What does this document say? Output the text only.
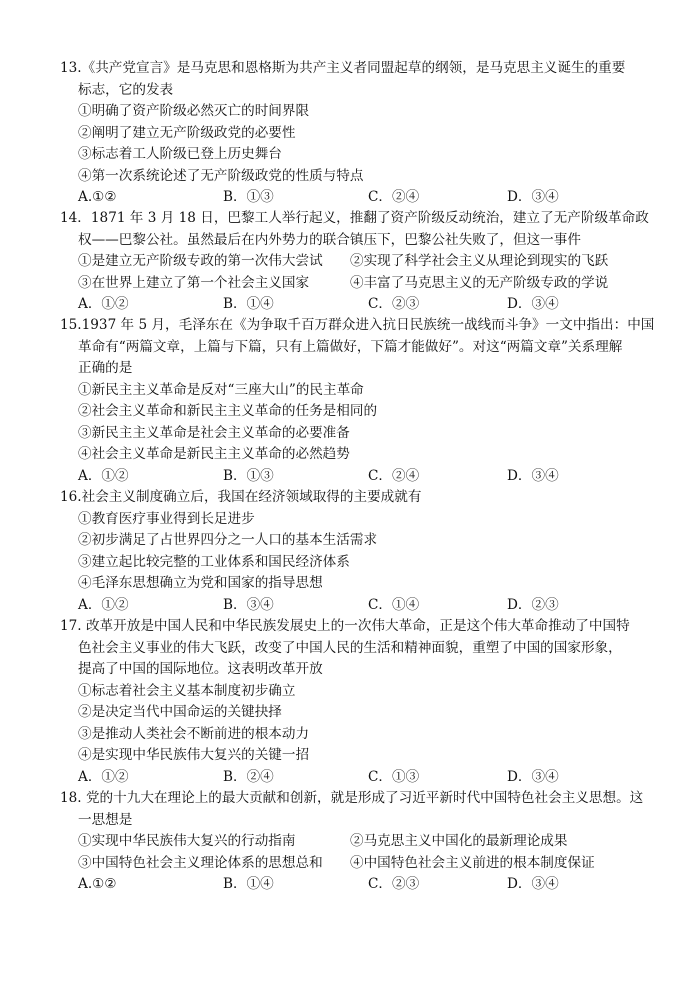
13.《共产党宣言》是马克思和恩格斯为共产主义者同盟起草的纲领，是马克思主义诞生的重要
标志，它的发表
①明确了资产阶级必然灭亡的时间界限
②阐明了建立无产阶级政党的必要性
③标志着工人阶级已登上历史舞台
④第一次系统论述了无产阶级政党的性质与特点
A.①②	B．①③	C．②④	D．③④
14．1871 年 3 月 18 日，巴黎工人举行起义，推翻了资产阶级反动统治，建立了无产阶级革命政
权——巴黎公社。虽然最后在内外势力的联合镇压下，巴黎公社失败了，但这一事件
①是建立无产阶级专政的第一次伟大尝试 ②实现了科学社会主义从理论到现实的飞跃
③在世界上建立了第一个社会主义国家	④丰富了马克思主义的无产阶级专政的学说
A．①②	B．①④	C．②③	D．③④
15.1937 年 5 月，毛泽东在《为争取千百万群众进入抗日民族统一战线而斗争》一文中指出：中国
革命有“两篇文章，上篇与下篇，只有上篇做好，下篇才能做好”。对这“两篇文章”关系理解
正确的是
①新民主主义革命是反对“三座大山”的民主革命
②社会主义革命和新民主主义革命的任务是相同的
③新民主主义革命是社会主义革命的必要准备
④社会主义革命是新民主主义革命的必然趋势
A．①②	B．①③	C．②④	D．③④
16.社会主义制度确立后，我国在经济领域取得的主要成就有
①教育医疗事业得到长足进步
②初步满足了占世界四分之一人口的基本生活需求
③建立起比较完整的工业体系和国民经济体系
④毛泽东思想确立为党和国家的指导思想
A．①②	B．③④	C．①④	D．②③
17. 改革开放是中国人民和中华民族发展史上的一次伟大革命，正是这个伟大革命推动了中国特
色社会主义事业的伟大飞跃，改变了中国人民的生活和精神面貌，重塑了中国的国家形象，
提高了中国的国际地位。这表明改革开放
①标志着社会主义基本制度初步确立
②是决定当代中国命运的关键抉择
③是推动人类社会不断前进的根本动力
④是实现中华民族伟大复兴的关键一招
A．①②	B．②④	C．①③	D．③④
18. 党的十九大在理论上的最大贡献和创新，就是形成了习近平新时代中国特色社会主义思想。这
一思想是
①实现中华民族伟大复兴的行动指南	②马克思主义中国化的最新理论成果
③中国特色社会主义理论体系的思想总和 ④中国特色社会主义前进的根本制度保证
A.①②	B．①④	C．②③	D．③④
